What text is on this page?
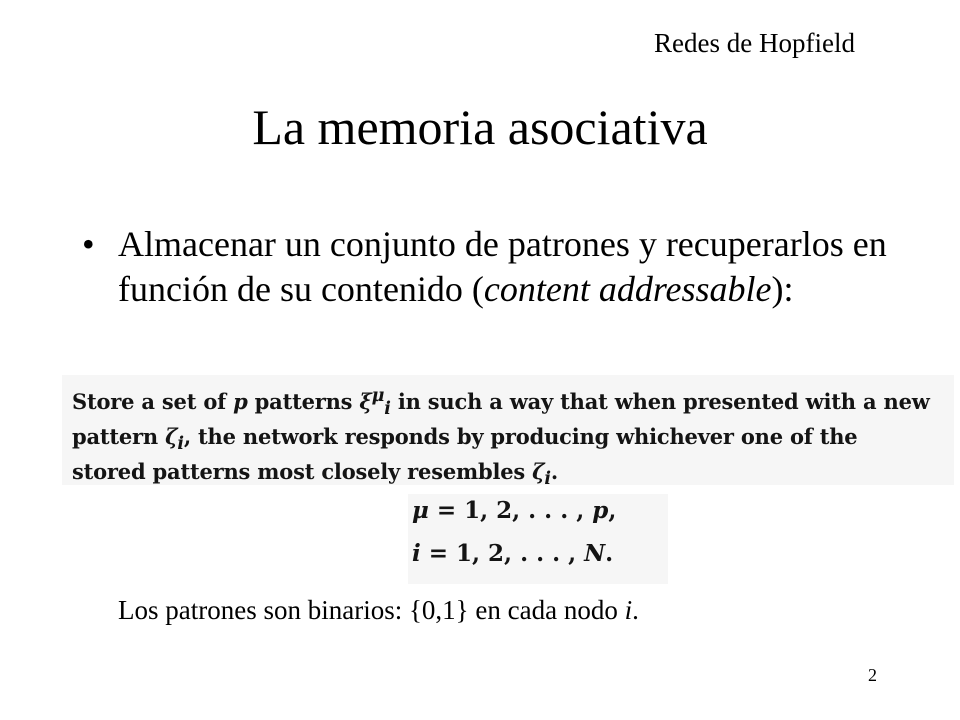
Redes de Hopfield
La memoria asociativa
• Almacenar un conjunto de patrones y recuperarlos en función de su contenido (content addressable):
Store a set of p patterns $\xi^\mu_i$ in such a way that when presented with a new pattern $\zeta_i$, the network responds by producing whichever one of the stored patterns most closely resembles $\zeta_i$.
μ = 1, 2, . . . , p,
i = 1, 2, . . . , N.
Los patrones son binarios: {0,1} en cada nodo i.
2
